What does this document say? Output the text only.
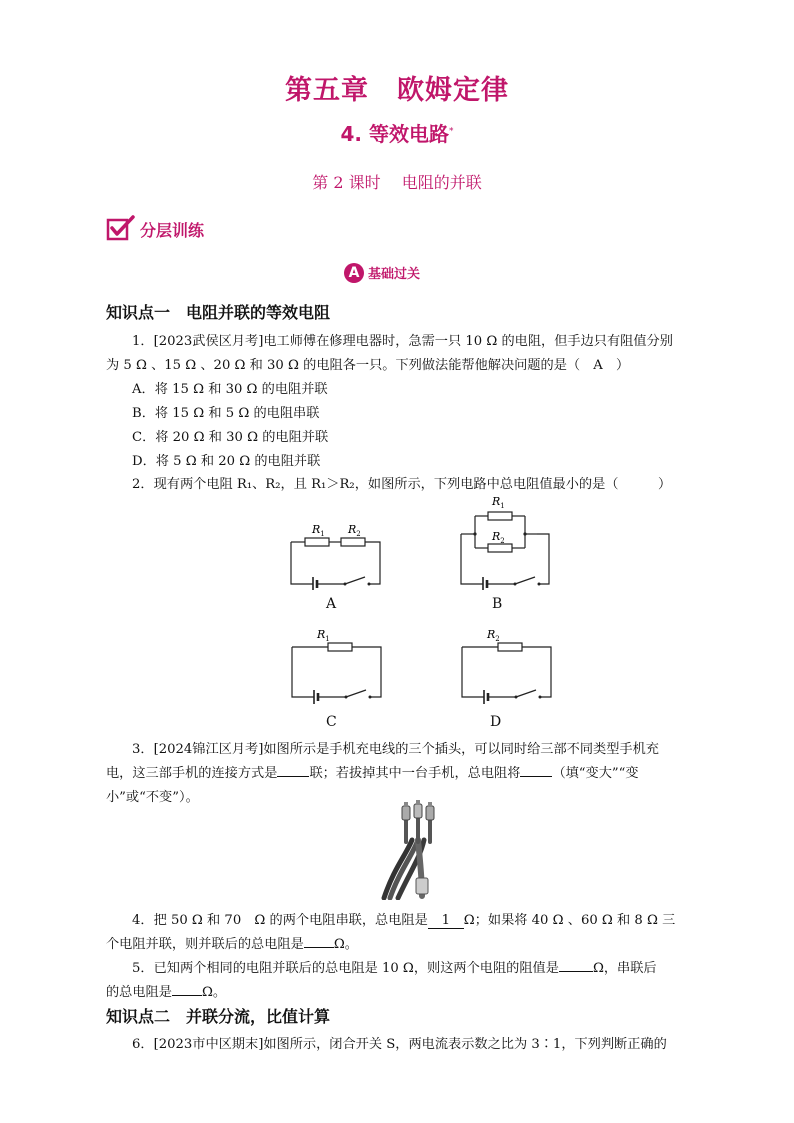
第五章　欧姆定律
4. 等效电路*
第 2 课时　 电阻的并联
分层训练
A 基础过关
知识点一　电阻并联的等效电阻
1．[2023武侯区月考]电工师傅在修理电器时，急需一只 10 Ω 的电阻，但手边只有阻值分别
为 5 Ω 、15 Ω 、20 Ω 和 30 Ω 的电阻各一只。下列做法能帮他解决问题的是（　A　）
A．将 15 Ω 和 30 Ω 的电阻并联
B．将 15 Ω 和 5 Ω 的电阻串联
C．将 20 Ω 和 30 Ω 的电阻并联
D．将 5 Ω 和 20 Ω 的电阻并联
2．现有两个电阻 R₁、R₂，且 R₁＞R₂，如图所示，下列电路中总电阻值最小的是（　　　）
$R_1$ $R_2$
A
$R_1$
$R_2$
B
$R_1$
C
$R_2$
D
3．[2024锦江区月考]如图所示是手机充电线的三个插头，可以同时给三部不同类型手机充
电，这三部手机的连接方式是 联；若拔掉其中一台手机，总电阻将 （填“变大”“变
小”或“不变”）。
4．把 50 Ω 和 70　Ω 的两个电阻串联，总电阻是 1 Ω；如果将 40 Ω 、60 Ω 和 8 Ω 三
个电阻并联，则并联后的总电阻是 Ω。
5．已知两个相同的电阻并联后的总电阻是 10 Ω，则这两个电阻的阻值是	Ω，串联后
的总电阻是 Ω。
知识点二　并联分流，比值计算
6．[2023市中区期末]如图所示，闭合开关 S，两电流表示数之比为 3∶1，下列判断正确的
